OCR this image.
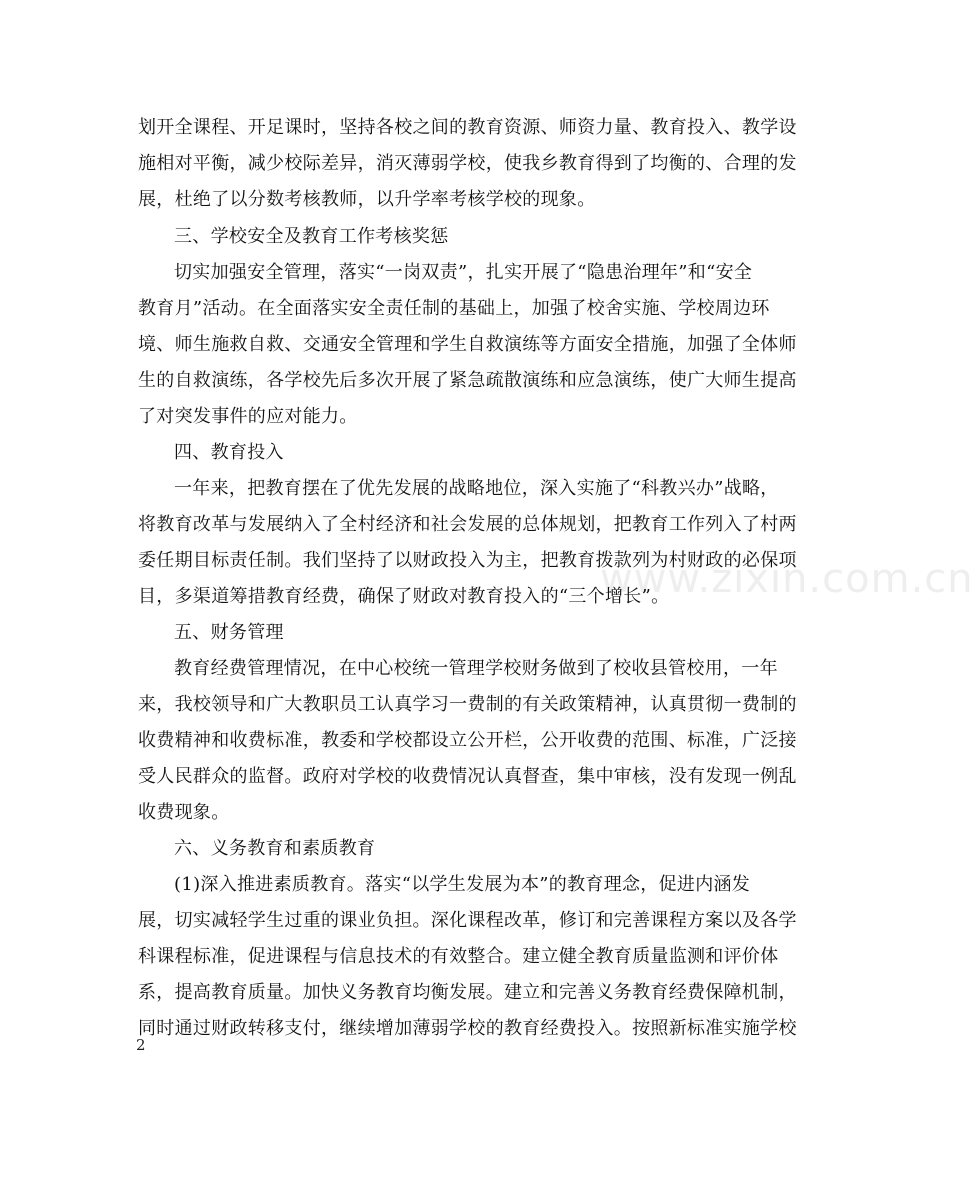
www.zixin.com.cn
划开全课程、开足课时，坚持各校之间的教育资源、师资力量、教育投入、教学设
施相对平衡，减少校际差异，消灭薄弱学校，使我乡教育得到了均衡的、合理的发
展，杜绝了以分数考核教师，以升学率考核学校的现象。
三、学校安全及教育工作考核奖惩
切实加强安全管理，落实“一岗双责”，扎实开展了“隐患治理年”和“安全
教育月”活动。在全面落实安全责任制的基础上，加强了校舍实施、学校周边环
境、师生施救自救、交通安全管理和学生自救演练等方面安全措施，加强了全体师
生的自救演练，各学校先后多次开展了紧急疏散演练和应急演练，使广大师生提高
了对突发事件的应对能力。
四、教育投入
一年来，把教育摆在了优先发展的战略地位，深入实施了“科教兴办”战略，
将教育改革与发展纳入了全村经济和社会发展的总体规划，把教育工作列入了村两
委任期目标责任制。我们坚持了以财政投入为主，把教育拨款列为村财政的必保项
目，多渠道筹措教育经费，确保了财政对教育投入的“三个增长”。
五、财务管理
教育经费管理情况，在中心校统一管理学校财务做到了校收县管校用，一年
来，我校领导和广大教职员工认真学习一费制的有关政策精神，认真贯彻一费制的
收费精神和收费标准，教委和学校都设立公开栏，公开收费的范围、标准，广泛接
受人民群众的监督。政府对学校的收费情况认真督查，集中审核，没有发现一例乱
收费现象。
六、义务教育和素质教育
(1)深入推进素质教育。落实“以学生发展为本”的教育理念，促进内涵发
展，切实减轻学生过重的课业负担。深化课程改革，修订和完善课程方案以及各学
科课程标准，促进课程与信息技术的有效整合。建立健全教育质量监测和评价体
系，提高教育质量。加快义务教育均衡发展。建立和完善义务教育经费保障机制，
同时通过财政转移支付，继续增加薄弱学校的教育经费投入。按照新标准实施学校
2
